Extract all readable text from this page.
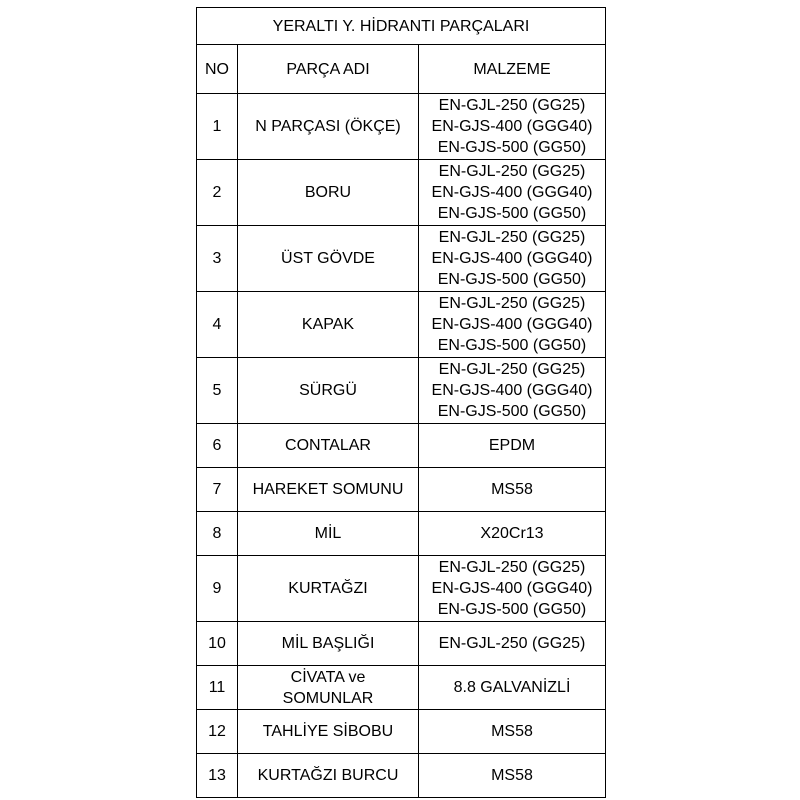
YERALTI Y. HİDRANTI PARÇALARI		
NO	PARÇA ADI	MALZEME
1	N PARÇASI (ÖKÇE)	EN-GJL-250 (GG25)
EN-GJS-400 (GGG40)
EN-GJS-500 (GG50)

2	BORU	EN-GJL-250 (GG25)
EN-GJS-400 (GGG40)
EN-GJS-500 (GG50)

3	ÜST GÖVDE	EN-GJL-250 (GG25)
EN-GJS-400 (GGG40)
EN-GJS-500 (GG50)

4	KAPAK	EN-GJL-250 (GG25)
EN-GJS-400 (GGG40)
EN-GJS-500 (GG50)

5	SÜRGÜ	EN-GJL-250 (GG25)
EN-GJS-400 (GGG40)
EN-GJS-500 (GG50)

6	CONTALAR	EPDM

7	HAREKET SOMUNU	MS58

8	MİL	X20Cr13

9	KURTAĞZI	EN-GJL-250 (GG25)
EN-GJS-400 (GGG40)
EN-GJS-500 (GG50)

10	MİL BAŞLIĞI	EN-GJL-250 (GG25)

11	CİVATA ve
SOMUNLAR	8.8 GALVANİZLİ

12	TAHLİYE SİBOBU	MS58

13	KURTAĞZI BURCU	MS58
